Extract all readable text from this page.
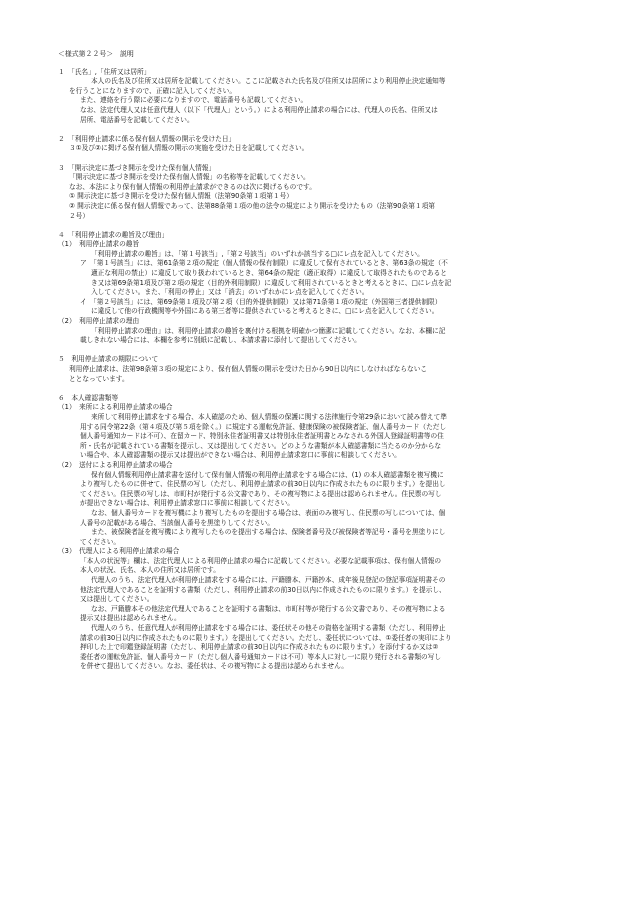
＜様式第２２号＞　説明

１　「氏名」,「住所又は居所」

本人の氏名及び住所又は居所を記載してください。ここに記載された氏名及び住所又は居所により利用停止決定通知等

を行うことになりますので、正確に記入してください。

また、連絡を行う際に必要になりますので、電話番号も記載してください。

なお、法定代理人又は任意代理人（以下「代理人」という。）による利用停止請求の場合には、代理人の氏名、住所又は

居所、電話番号を記載してください。

２　「利用停止請求に係る保有個人情報の開示を受けた日」

３①及び②に掲げる保有個人情報の開示の実施を受けた日を記載してください。

３　「開示決定に基づき開示を受けた保有個人情報」

「開示決定に基づき開示を受けた保有個人情報」の名称等を記載してください。

なお、本法により保有個人情報の利用停止請求ができるのは次に掲げるものです。

① 開示決定に基づき開示を受けた保有個人情報（法第90条第１項第１号）

② 開示決定に係る保有個人情報であって、法第88条第１項の他の法令の規定により開示を受けたもの（法第90条第１項第

２号）

４　「利用停止請求の趣旨及び理由」

（1）　利用停止請求の趣旨

「利用停止請求の趣旨」は、「第１号該当」,「第２号該当」のいずれか該当する□にレ点を記入してください。

ア　「第１号該当」には、第61条第２項の規定（個人情報の保有制限）に違反して保有されているとき、第63条の規定（不

適正な利用の禁止）に違反して取り扱われているとき、第64条の規定（適正取得）に違反して取得されたものであると

き又は第69条第1項及び第２項の規定（目的外利用制限）に違反して利用されているときと考えるときに、□にレ点を記

入してください。また、「利用の停止」又は「消去」のいずれかにレ点を記入してください。

イ　「第２号該当」には、第69条第１項及び第２項（目的外提供制限）又は第71条第１項の規定（外国第三者提供制限）

に違反して他の行政機関等や外国にある第三者等に提供されていると考えるときに、□にレ点を記入してください。

（2）　利用停止請求の理由

「利用停止請求の理由」は、利用停止請求の趣旨を裏付ける根拠を明確かつ簡潔に記載してください。なお、本欄に記

載しきれない場合には、本欄を参考に別紙に記載し、本請求書に添付して提出してください。

５　利用停止請求の期限について

利用停止請求は、法第98条第３項の規定により、保有個人情報の開示を受けた日から90日以内にしなければならないこ

ととなっています。

６　本人確認書類等

（1）　来所による利用停止請求の場合

来所して利用停止請求をする場合、本人確認のため、個人情報の保護に関する法律施行令第29条において読み替えて準

用する同令第22条（第４項及び第５項を除く。）に規定する運転免許証、健康保険の被保険者証、個人番号カード（ただし

個人番号通知カードは不可）、在留カード、特別永住者証明書又は特別永住者証明書とみなされる外国人登録証明書等の住

所・氏名が記載されている書類を提示し、又は提出してください。どのような書類が本人確認書類に当たるのか分からな

い場合や、本人確認書類の提示又は提出ができない場合は、利用停止請求窓口に事前に相談してください。

（2）　送付による利用停止請求の場合

保有個人情報利用停止請求書を送付して保有個人情報の利用停止請求をする場合には、(1) の本人確認書類を複写機に

より複写したものに併せて、住民票の写し（ただし、利用停止請求の前30日以内に作成されたものに限ります。）を提出し

てください。住民票の写しは、市町村が発行する公文書であり、その複写物による提出は認められません。住民票の写し

が提出できない場合は、利用停止請求窓口に事前に相談してください。

なお、個人番号カードを複写機により複写したものを提出する場合は、表面のみ複写し、住民票の写しについては、個

人番号の記載がある場合、当該個人番号を黒塗りしてください。

また、被保険者証を複写機により複写したものを提出する場合は、保険者番号及び被保険者等記号・番号を黒塗りにし

てください。

（3）　代理人による利用停止請求の場合

「本人の状況等」欄は、法定代理人による利用停止請求の場合に記載してください。必要な記載事項は、保有個人情報の

本人の状況、氏名、本人の住所又は居所です。

代理人のうち、法定代理人が利用停止請求をする場合には、戸籍謄本、戸籍抄本、成年後見登記の登記事項証明書その

他法定代理人であることを証明する書類（ただし、利用停止請求の前30日以内に作成されたものに限ります。）を提示し、

又は提出してください。

なお、戸籍謄本その他法定代理人であることを証明する書類は、市町村等が発行する公文書であり、その複写物による

提示又は提出は認められません。

代理人のうち、任意代理人が利用停止請求をする場合には、委任状その他その資格を証明する書類（ただし、利用停止

請求の前30日以内に作成されたものに限ります。）を提出してください。ただし、委任状については、①委任者の実印により

押印した上で印鑑登録証明書（ただし、利用停止請求の前30日以内に作成されたものに限ります。）を添付するか又は②

委任者の運転免許証、個人番号カード（ただし個人番号通知カードは不可）等本人に対し一に限り発行される書類の写し

を併せて提出してください。なお、委任状は、その複写物による提出は認められません。
